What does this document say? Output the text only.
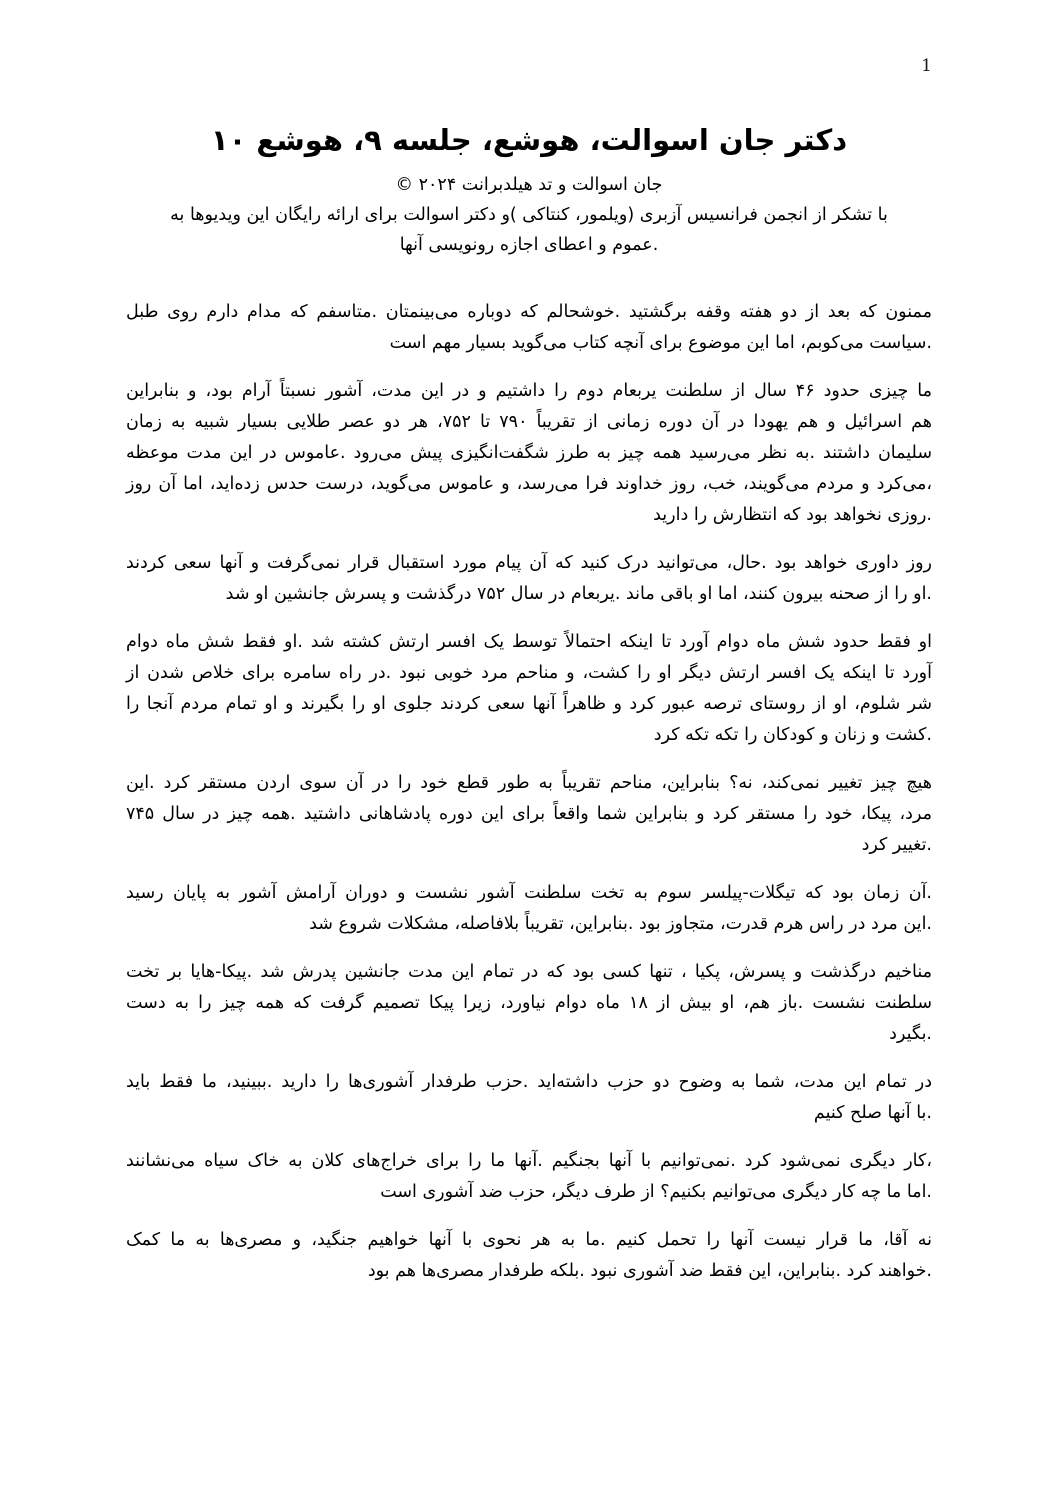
1
دکتر جان اسوالت، هوشع، جلسه ۹، هوشع ۱۰
جان اسوالت و تد هیلدبرانت ۲۰۲۴ ©
با تشکر از انجمن فرانسیس آزبری (ویلمور، کنتاکی )و دکتر اسوالت برای ارائه رایگان این ویدیوها به
.عموم و اعطای اجازه رونویسی آنها
ممنون که بعد از دو هفته وقفه برگشتید .خوشحالم که دوباره می‌بینمتان .متاسفم که مدام دارم روی طبل
.سیاست می‌کوبم، اما این موضوع برای آنچه کتاب می‌گوید بسیار مهم است
ما چیزی حدود ۴۶ سال از سلطنت یربعام دوم را داشتیم و در این مدت، آشور نسبتاً آرام بود، و بنابراین
هم اسرائیل و هم یهودا در آن دوره زمانی از تقریباً ۷۹۰ تا ۷۵۲، هر دو عصر طلایی بسیار شبیه به زمان
سلیمان داشتند .به نظر می‌رسید همه چیز به طرز شگفت‌انگیزی پیش می‌رود .عاموس در این مدت موعظه
،می‌کرد و مردم می‌گویند، خب، روز خداوند فرا می‌رسد، و عاموس می‌گوید، درست حدس زده‌اید، اما آن روز
.روزی نخواهد بود که انتظارش را دارید
روز داوری خواهد بود .حال، می‌توانید درک کنید که آن پیام مورد استقبال قرار نمی‌گرفت و آنها سعی کردند
.او را از صحنه بیرون کنند، اما او باقی ماند .یربعام در سال ۷۵۲ درگذشت و پسرش جانشین او شد
او فقط حدود شش ماه دوام آورد تا اینکه احتمالاً توسط یک افسر ارتش کشته شد .او فقط شش ماه دوام
آورد تا اینکه یک افسر ارتش دیگر او را کشت، و مناحم مرد خوبی نبود .در راه سامره برای خلاص شدن از
شر شلوم، او از روستای ترصه عبور کرد و ظاهراً آنها سعی کردند جلوی او را بگیرند و او تمام مردم آنجا را
.کشت و زنان و کودکان را تکه تکه کرد
هیچ چیز تغییر نمی‌کند، نه؟ بنابراین، مناحم تقریباً به طور قطع خود را در آن سوی اردن مستقر کرد .این
مرد، پیکا، خود را مستقر کرد و بنابراین شما واقعاً برای این دوره پادشاهانی داشتید .همه چیز در سال ۷۴۵
.تغییر کرد
.آن زمان بود که تیگلات-پیلسر سوم به تخت سلطنت آشور نشست و دوران آرامش آشور به پایان رسید
.این مرد در راس هرم قدرت، متجاوز بود .بنابراین، تقریباً بلافاصله، مشکلات شروع شد
مناخیم درگذشت و پسرش، پکیا ، تنها کسی بود که در تمام این مدت جانشین پدرش شد .پیکا-هایا بر تخت
سلطنت نشست .باز هم، او بیش از ۱۸ ماه دوام نیاورد، زیرا پیکا تصمیم گرفت که همه چیز را به دست
.بگیرد
در تمام این مدت، شما به وضوح دو حزب داشته‌اید .حزب طرفدار آشوری‌ها را دارید .ببینید، ما فقط باید
.با آنها صلح کنیم
،کار دیگری نمی‌شود کرد .نمی‌توانیم با آنها بجنگیم .آنها ما را برای خراج‌های کلان به خاک سیاه می‌نشانند
.اما ما چه کار دیگری می‌توانیم بکنیم؟ از طرف دیگر، حزب ضد آشوری است
نه آقا، ما قرار نیست آنها را تحمل کنیم .ما به هر نحوی با آنها خواهیم جنگید، و مصری‌ها به ما کمک
.خواهند کرد .بنابراین، این فقط ضد آشوری نبود .بلکه طرفدار مصری‌ها هم بود
